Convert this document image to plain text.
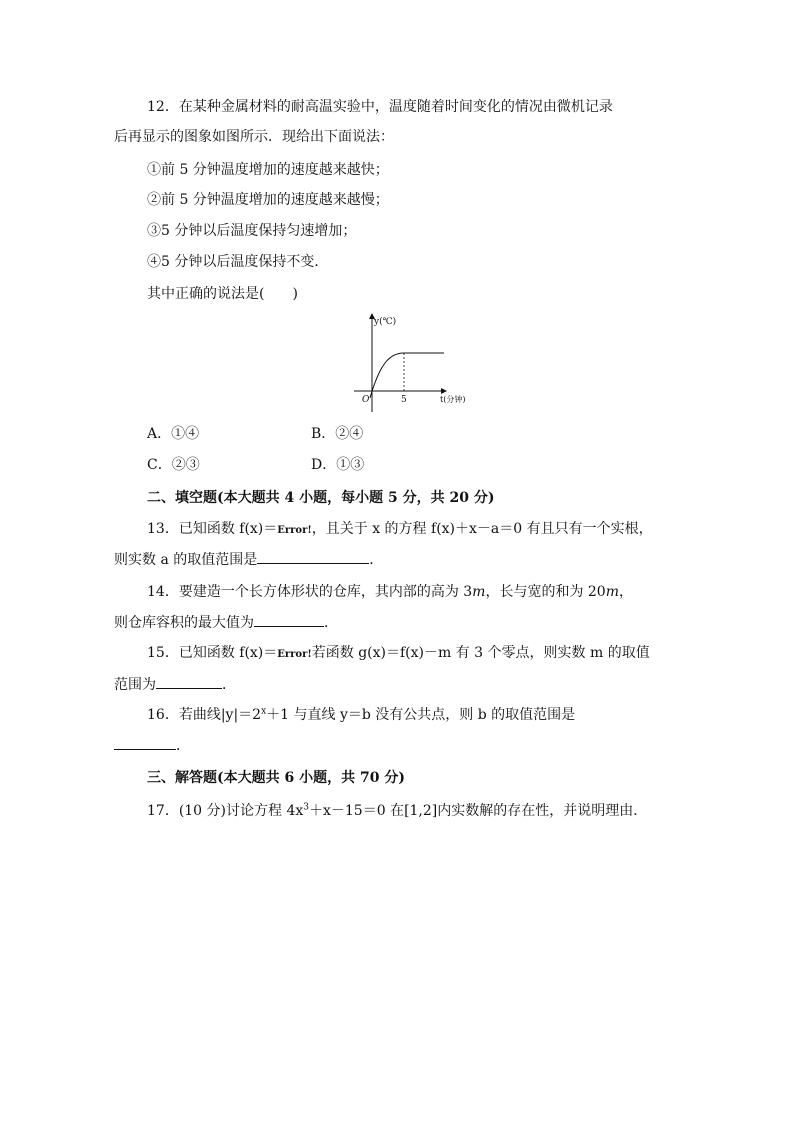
12．在某种金属材料的耐高温实验中，温度随着时间变化的情况由微机记录
后再显示的图象如图所示．现给出下面说法：
①前 5 分钟温度增加的速度越来越快；
②前 5 分钟温度增加的速度越来越慢；
③5 分钟以后温度保持匀速增加；
④5 分钟以后温度保持不变．
其中正确的说法是(　　)
y(℃)
O	5	t(分钟)
A．①④	B．②④
C．②③	D．①③
二、填空题(本大题共 4 小题，每小题 5 分，共 20 分)
13．已知函数 f(x)＝Error!，且关于 x 的方程 f(x)＋x－a＝0 有且只有一个实根，
则实数 a 的取值范围是	．
14．要建造一个长方体形状的仓库，其内部的高为 3m，长与宽的和为 20m，
则仓库容积的最大值为	．
15．已知函数 f(x)＝Error!若函数 g(x)＝f(x)－m 有 3 个零点，则实数 m 的取值
范围为	．
16．若曲线$|y|=2^x+1$ 与直线 y＝b 没有公共点，则 b 的取值范围是
．
三、解答题(本大题共 6 小题，共 70 分)
17．(10 分)讨论方程 $4x^3+x-15=0$ 在[1,2]内实数解的存在性，并说明理由．
